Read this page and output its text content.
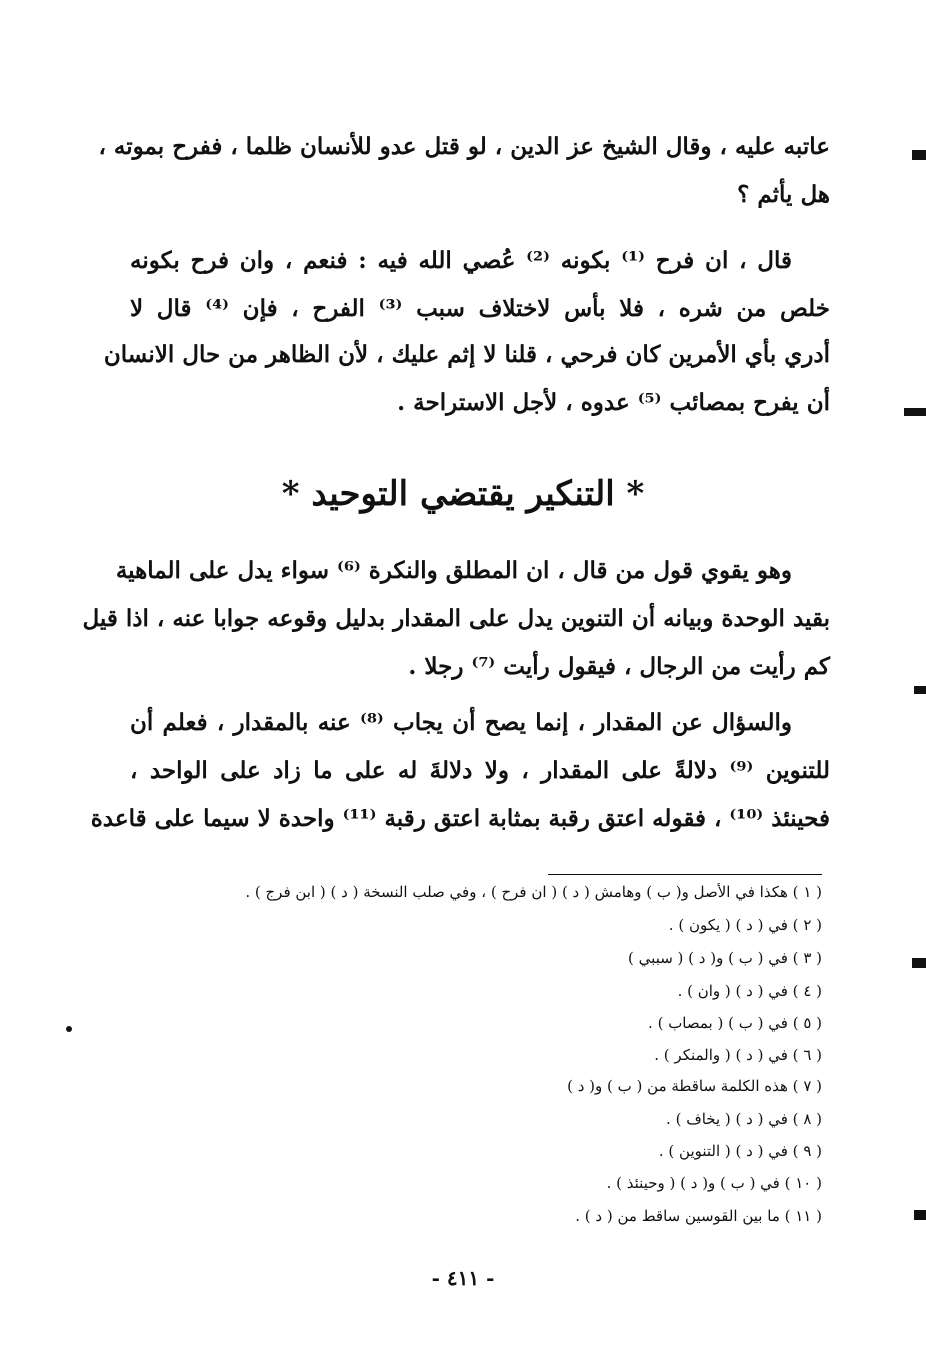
عاتبه عليه ، وقال الشيخ عز الدين ، لو قتل عدو للأنسان ظلما ، ففرح بموته ،
هل يأثم ؟
قال ، ان فرح ⁽¹⁾ بكونه ⁽²⁾ عُصي الله فيه : فنعم ، وان فرح بكونه
خلص من شره ، فلا بأس لاختلاف سبب ⁽³⁾ الفرح ، فإن ⁽⁴⁾ قال لا
أدري بأي الأمرين كان فرحي ، قلنا لا إثم عليك ، لأن الظاهر من حال الانسان
أن يفرح بمصائب ⁽⁵⁾ عدوه ، لأجل الاستراحة .
* التنكير يقتضي التوحيد *
وهو يقوي قول من قال ، ان المطلق والنكرة ⁽⁶⁾ سواء يدل على الماهية
بقيد الوحدة وبيانه أن التنوين يدل على المقدار بدليل وقوعه جوابا عنه ، اذا قيل
كم رأيت من الرجال ، فيقول رأيت ⁽⁷⁾ رجلا .
والسؤال عن المقدار ، إنما يصح أن يجاب ⁽⁸⁾ عنه بالمقدار ، فعلم أن
للتنوين ⁽⁹⁾ دلالةً على المقدار ، ولا دلالةَ له على ما زاد على الواحد ،
فحينئذ ⁽¹⁰⁾ ، فقوله اعتق رقبة بمثابة اعتق رقبة ⁽¹¹⁾ واحدة لا سيما على قاعدة
( ١ ) هكذا في الأصل و( ب ) وهامش ( د ) ( ان فرح ) ، وفي صلب النسخة ( د ) ( ابن فرج ) .
( ٢ ) في ( د ) ( يكون ) .
( ٣ ) في ( ب ) و( د ) ( سببي )
( ٤ ) في ( د ) ( وان ) .
( ٥ ) في ( ب ) ( بمصاب ) .
( ٦ ) في ( د ) ( والمنكر ) .
( ٧ ) هذه الكلمة ساقطة من ( ب ) و( د )
( ٨ ) في ( د ) ( يخاف ) .
( ٩ ) في ( د ) ( التنوين ) .
( ١٠ ) في ( ب ) و( د ) ( وحينئذ ) .
( ١١ ) ما بين القوسين ساقط من ( د ) .
- ٤١١ -
